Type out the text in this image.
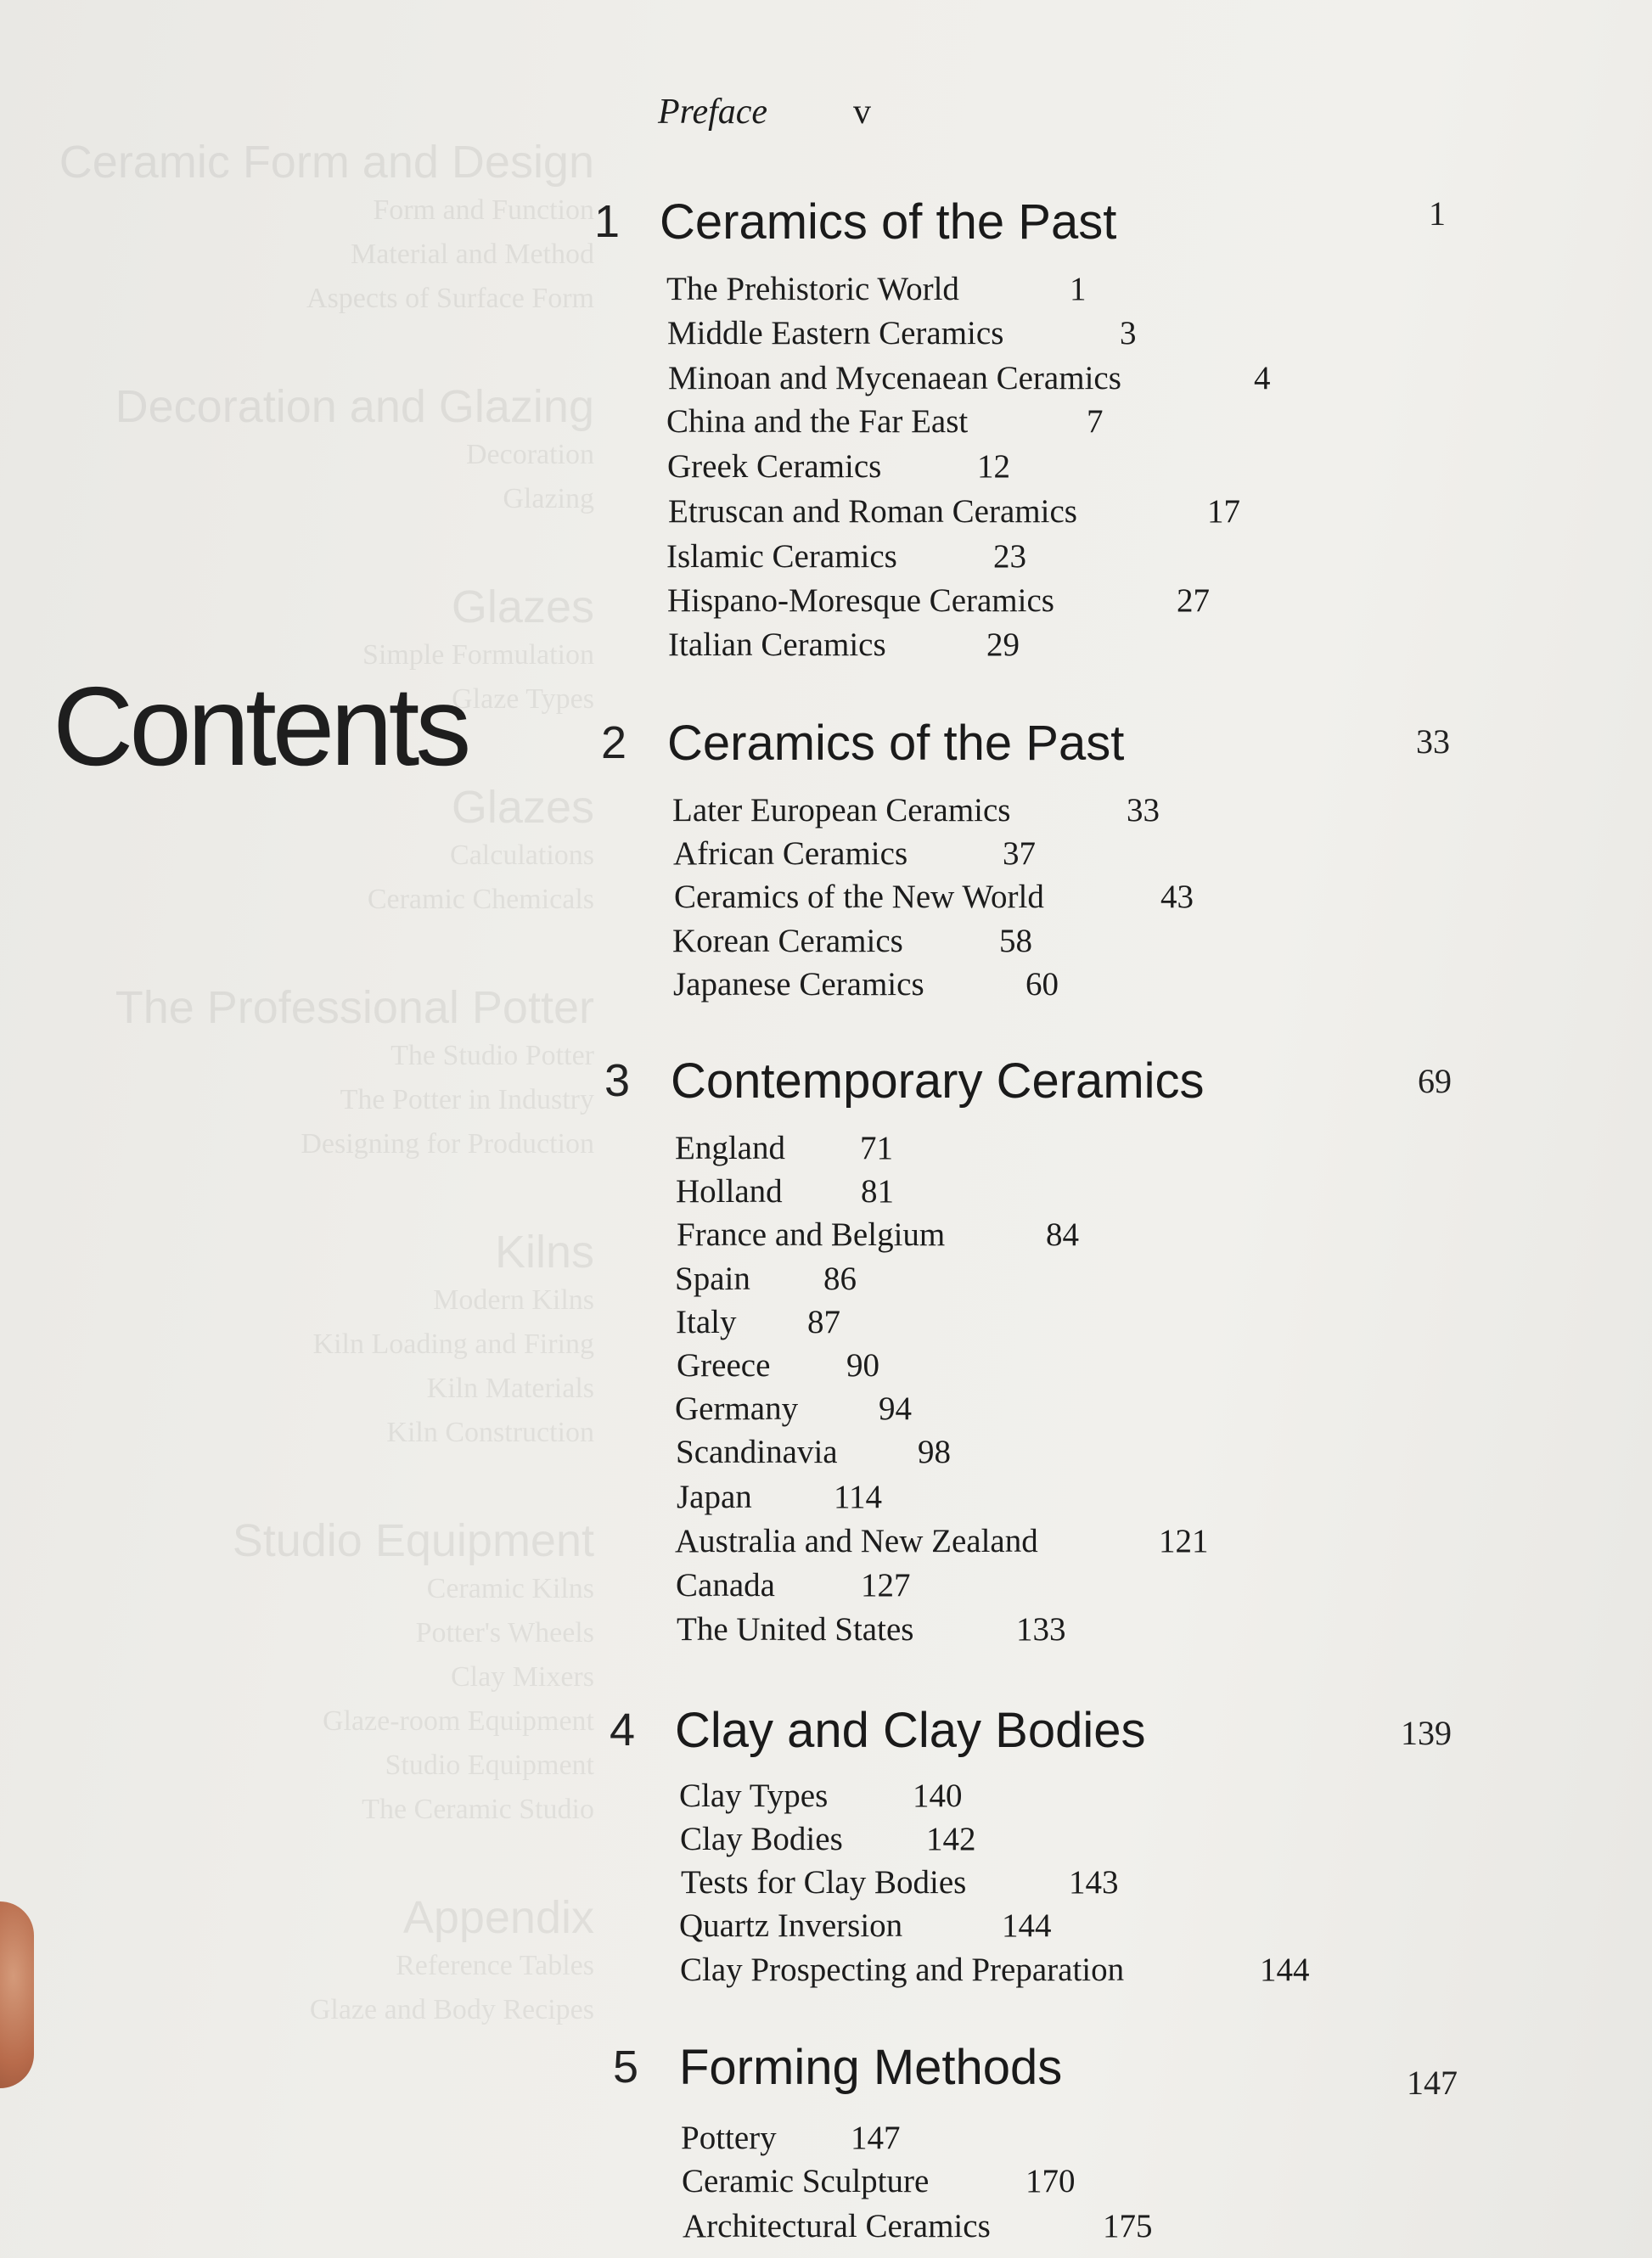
Ceramic Form and Design
Form and Function
Material and Method
Aspects of Surface Form
Decoration and Glazing
Decoration
Glazing
Glazes
Simple Formulation
Glaze Types
Glazes
Calculations
Ceramic Chemicals
The Professional Potter
The Studio Potter
The Potter in Industry
Designing for Production
Kilns
Modern Kilns
Kiln Loading and Firing
Kiln Materials
Kiln Construction
Studio Equipment
Ceramic Kilns
Potter's Wheels
Clay Mixers
Glaze-room Equipment
Studio Equipment
The Ceramic Studio
Appendix
Reference Tables
Glaze and Body Recipes
Contents
Preface v
1 Ceramics of the Past	1
The Prehistoric World	1
Middle Eastern Ceramics	3
Minoan and Mycenaean Ceramics	4
China and the Far East	7
Greek Ceramics	12
Etruscan and Roman Ceramics	17
Islamic Ceramics	23
Hispano-Moresque Ceramics	27
Italian Ceramics	29
2 Ceramics of the Past	33
Later European Ceramics	33
African Ceramics	37
Ceramics of the New World	43
Korean Ceramics	58
Japanese Ceramics	60
3 Contemporary Ceramics	69
England 71
Holland 81
France and Belgium	84
Spain 86
Italy 87
Greece 90
Germany 94
Scandinavia 98
Japan 114
Australia and New Zealand	121
Canada	127
The United States	133
4 Clay and Clay Bodies	139
Clay Types	140
Clay Bodies	142
Tests for Clay Bodies	143
Quartz Inversion	144
Clay Prospecting and Preparation	144
5 Forming Methods	147
Pottery 147
Ceramic Sculpture	170
Architectural Ceramics	175
